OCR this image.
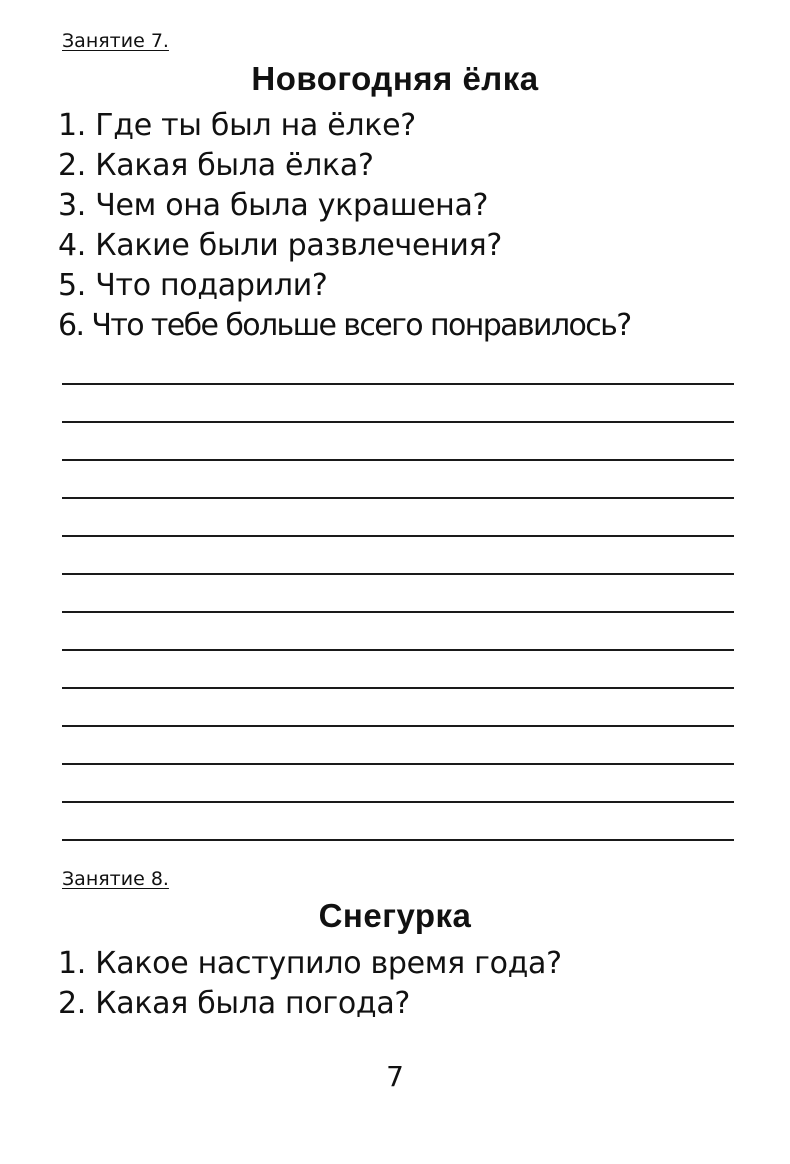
Занятие 7.
Новогодняя ёлка
1. Где ты был на ёлке?
2. Какая была ёлка?
3. Чем она была украшена?
4. Какие были развлечения?
5. Что подарили?
6. Что тебе больше всего понравилось?
Занятие 8.
Снегурка
1. Какое наступило время года?
2. Какая была погода?
7
